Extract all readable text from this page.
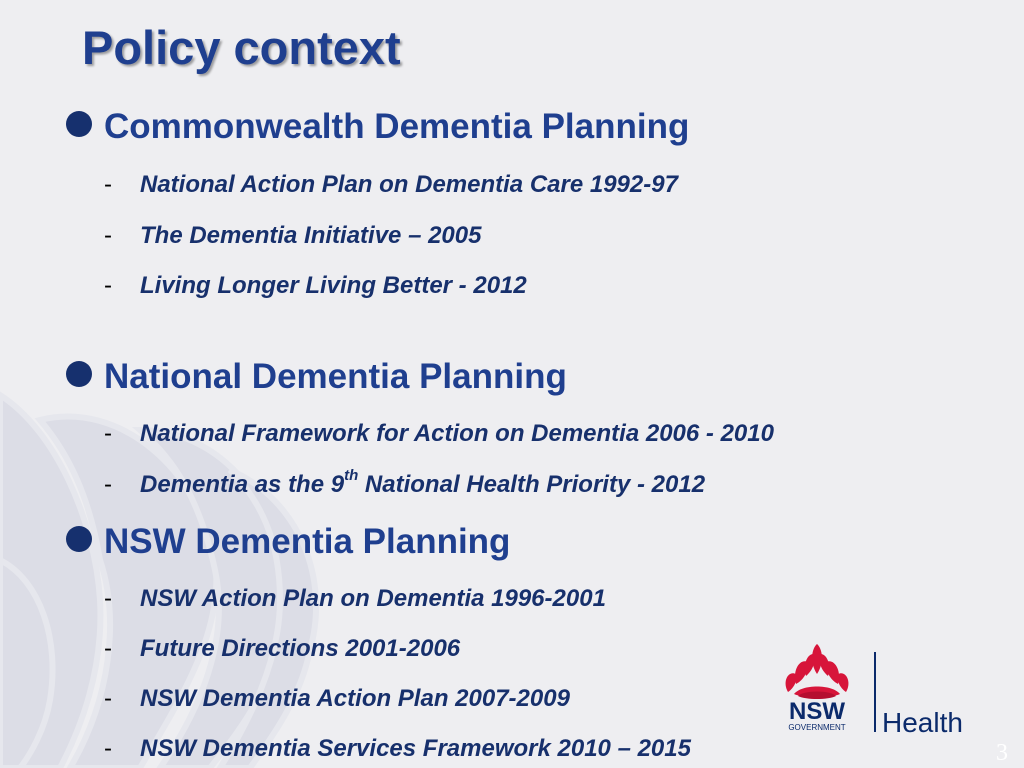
Policy context
Commonwealth Dementia Planning
- National Action Plan on Dementia Care 1992-97
- The Dementia Initiative – 2005
- Living Longer Living Better - 2012
National Dementia Planning
- National Framework for Action on Dementia 2006 - 2010
- Dementia as the 9th National Health Priority - 2012
NSW Dementia Planning
- NSW Action Plan on Dementia 1996-2001
- Future Directions 2001-2006
- NSW Dementia Action Plan 2007-2009
- NSW Dementia Services Framework 2010 – 2015
NSW
GOVERNMENT Health
3
